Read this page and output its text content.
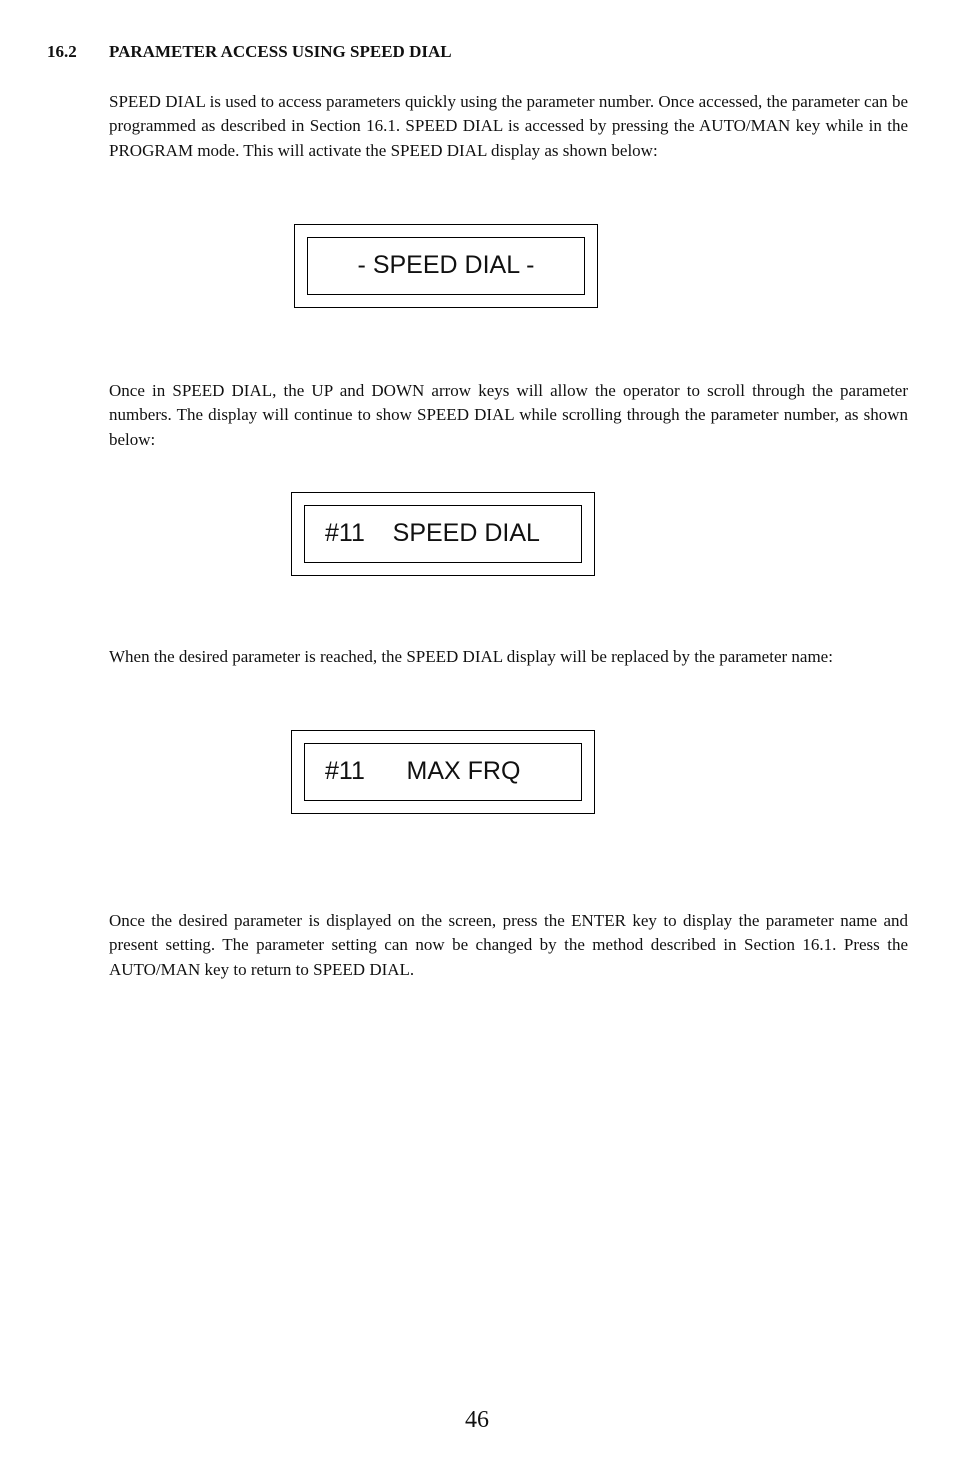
16.2 PARAMETER ACCESS USING SPEED DIAL

SPEED DIAL is used to access parameters quickly using the parameter number. Once accessed, the parameter can be programmed as described in Section 16.1. SPEED DIAL is accessed by pressing the AUTO/MAN key while in the PROGRAM mode. This will activate the SPEED DIAL display as shown below:

- SPEED DIAL -

Once in SPEED DIAL, the UP and DOWN arrow keys will allow the operator to scroll through the parameter numbers. The display will continue to show SPEED DIAL while scrolling through the parameter number, as shown below:

#11    SPEED DIAL

When the desired parameter is reached, the SPEED DIAL display will be replaced by the parameter name:

#11      MAX FRQ

Once the desired parameter is displayed on the screen, press the ENTER key to display the parameter name and present setting. The parameter setting can now be changed by the method described in Section 16.1. Press the AUTO/MAN key to return to SPEED DIAL.

46
